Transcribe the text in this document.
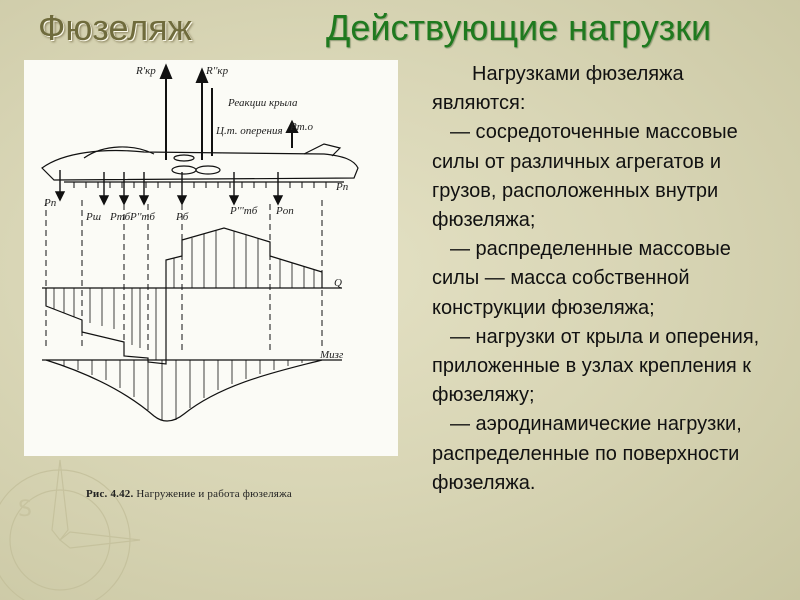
S
Фюзеляж	Действующие нагрузки
R'кр	R''кр
Реакции крыла
Ц.т. оперения Pт.о
Pп
Pп
Pш Pтб P''тб Pб	P'''тб Pоп
Q
Mизг
Рис. 4.42. Нагружение и работа фюзеляжа

Нагрузками фюзеляжа являются:

— сосредоточенные массовые силы от различных агрегатов и грузов, расположенных внутри фюзеляжа;

— распределенные массовые силы — масса собственной конструкции фюзеляжа;

— нагрузки от крыла и оперения, приложенные в узлах крепления к фюзеляжу;

— аэродинамические нагрузки, распределенные по поверхности фюзеляжа.
